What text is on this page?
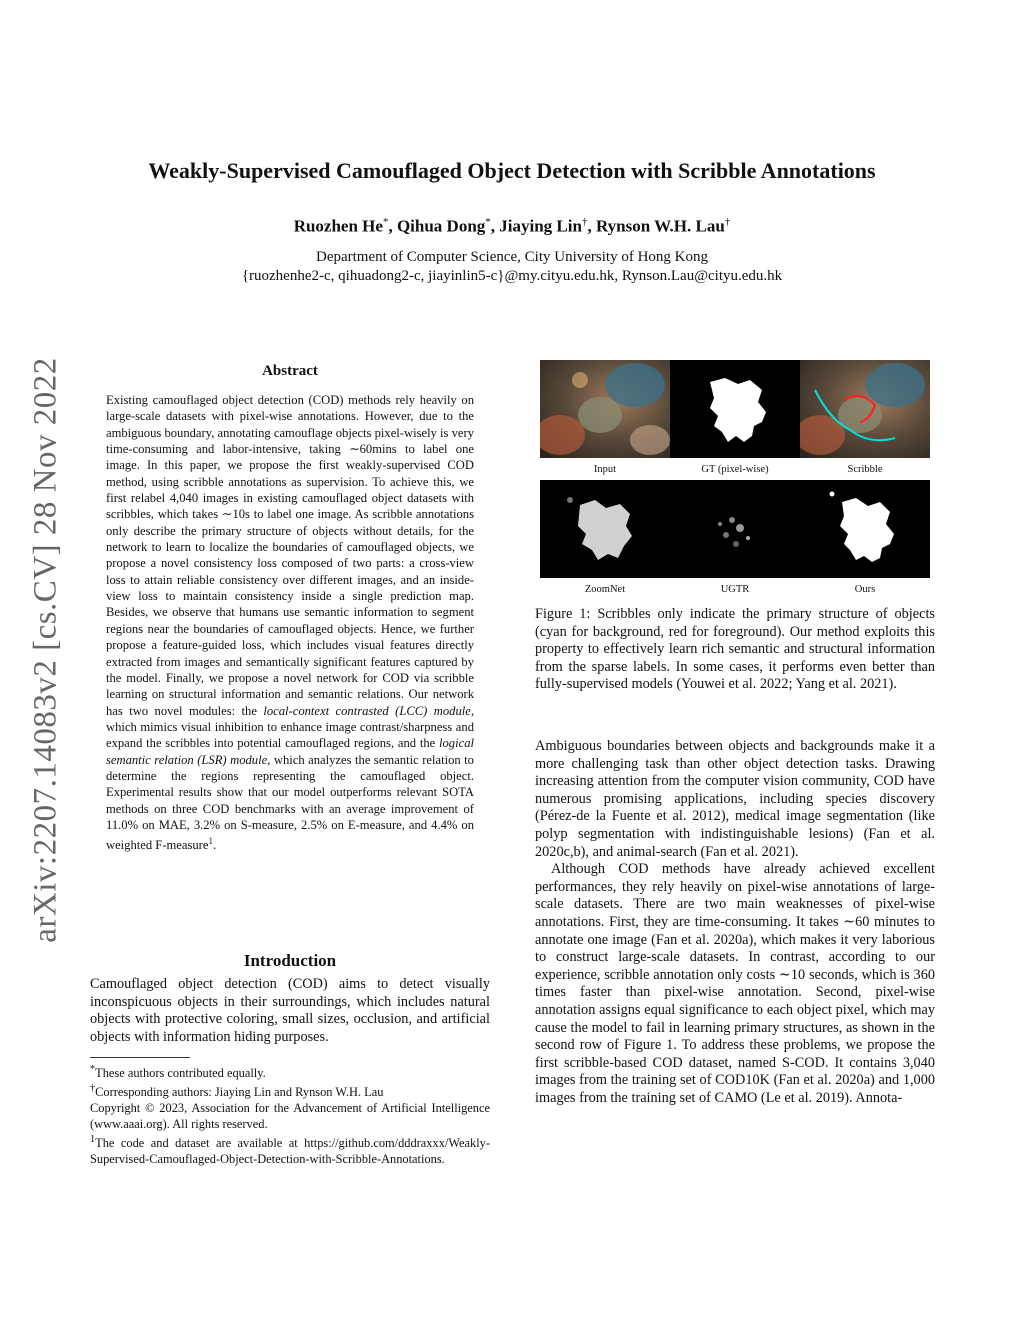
arXiv:2207.14083v2 [cs.CV] 28 Nov 2022
Weakly-Supervised Camouflaged Object Detection with Scribble Annotations
Ruozhen He*, Qihua Dong*, Jiaying Lin†, Rynson W.H. Lau†
Department of Computer Science, City University of Hong Kong
{ruozhenhe2-c, qihuadong2-c, jiayinlin5-c}@my.cityu.edu.hk, Rynson.Lau@cityu.edu.hk
Abstract
Existing camouflaged object detection (COD) methods rely heavily on large-scale datasets with pixel-wise annotations. However, due to the ambiguous boundary, annotating camouflage objects pixel-wisely is very time-consuming and labor-intensive, taking ∼60mins to label one image. In this paper, we propose the first weakly-supervised COD method, using scribble annotations as supervision. To achieve this, we first relabel 4,040 images in existing camouflaged object datasets with scribbles, which takes ∼10s to label one image. As scribble annotations only describe the primary structure of objects without details, for the network to learn to localize the boundaries of camouflaged objects, we propose a novel consistency loss composed of two parts: a cross-view loss to attain reliable consistency over different images, and an inside-view loss to maintain consistency inside a single prediction map. Besides, we observe that humans use semantic information to segment regions near the boundaries of camouflaged objects. Hence, we further propose a feature-guided loss, which includes visual features directly extracted from images and semantically significant features captured by the model. Finally, we propose a novel network for COD via scribble learning on structural information and semantic relations. Our network has two novel modules: the local-context contrasted (LCC) module, which mimics visual inhibition to enhance image contrast/sharpness and expand the scribbles into potential camouflaged regions, and the logical semantic relation (LSR) module, which analyzes the semantic relation to determine the regions representing the camouflaged object. Experimental results show that our model outperforms relevant SOTA methods on three COD benchmarks with an average improvement of 11.0% on MAE, 3.2% on S-measure, 2.5% on E-measure, and 4.4% on weighted F-measure$^1$.
Introduction
Camouflaged object detection (COD) aims to detect visually inconspicuous objects in their surroundings, which includes natural objects with protective coloring, small sizes, occlusion, and artificial objects with information hiding purposes.
*These authors contributed equally.
†Corresponding authors: Jiaying Lin and Rynson W.H. Lau
Copyright © 2023, Association for the Advancement of Artificial Intelligence (www.aaai.org). All rights reserved.
$^1$The code and dataset are available at https://github.com/dddraxxx/Weakly-Supervised-Camouflaged-Object-Detection-with-Scribble-Annotations.
Input	GT (pixel-wise)	Scribble
ZoomNet	UGTR	Ours
Figure 1: Scribbles only indicate the primary structure of objects (cyan for background, red for foreground). Our method exploits this property to effectively learn rich semantic and structural information from the sparse labels. In some cases, it performs even better than fully-supervised models (Youwei et al. 2022; Yang et al. 2021).

Ambiguous boundaries between objects and backgrounds make it a more challenging task than other object detection tasks. Drawing increasing attention from the computer vision community, COD have numerous promising applications, including species discovery (Pérez-de la Fuente et al. 2012), medical image segmentation (like polyp segmentation with indistinguishable lesions) (Fan et al. 2020c,b), and animal-search (Fan et al. 2021).

Although COD methods have already achieved excellent performances, they rely heavily on pixel-wise annotations of large-scale datasets. There are two main weaknesses of pixel-wise annotations. First, they are time-consuming. It takes ∼60 minutes to annotate one image (Fan et al. 2020a), which makes it very laborious to construct large-scale datasets. In contrast, according to our experience, scribble annotation only costs ∼10 seconds, which is 360 times faster than pixel-wise annotation. Second, pixel-wise annotation assigns equal significance to each object pixel, which may cause the model to fail in learning primary structures, as shown in the second row of Figure 1. To address these problems, we propose the first scribble-based COD dataset, named S-COD. It contains 3,040 images from the training set of COD10K (Fan et al. 2020a) and 1,000 images from the training set of CAMO (Le et al. 2019). Annota-
